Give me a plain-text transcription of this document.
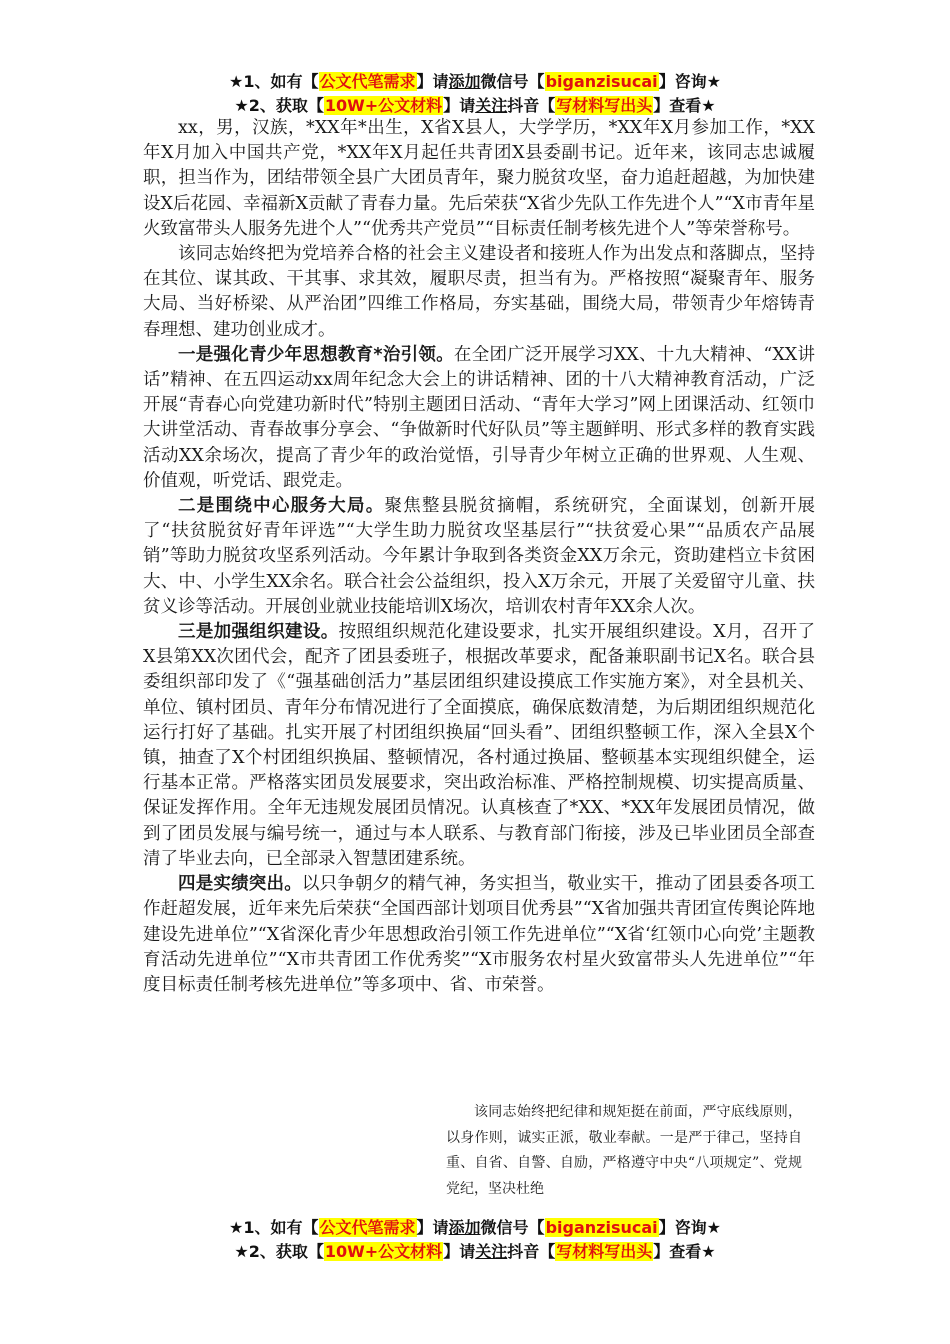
★1、如有【公文代笔需求】请添加微信号【biganzisucai】咨询★
★2、获取【10W+公文材料】请关注抖音【写材料写出头】查看★

xx，男，汉族，*XX年*出生，X省X县人，大学学历，*XX年X月参加工作，*XX年X月加入中国共产党，*XX年X月起任共青团X县委副书记。近年来，该同志忠诚履职，担当作为，团结带领全县广大团员青年，聚力脱贫攻坚，奋力追赶超越，为加快建设X后花园、幸福新X贡献了青春力量。先后荣获“X省少先队工作先进个人”“X市青年星火致富带头人服务先进个人”“优秀共产党员”“目标责任制考核先进个人”等荣誉称号。

该同志始终把为党培养合格的社会主义建设者和接班人作为出发点和落脚点，坚持在其位、谋其政、干其事、求其效，履职尽责，担当有为。严格按照“凝聚青年、服务大局、当好桥梁、从严治团”四维工作格局，夯实基础，围绕大局，带领青少年熔铸青春理想、建功创业成才。

一是强化青少年思想教育*治引领。在全团广泛开展学习XX、十九大精神、“XX讲话”精神、在五四运动xx周年纪念大会上的讲话精神、团的十八大精神教育活动，广泛开展“青春心向党建功新时代”特别主题团日活动、“青年大学习”网上团课活动、红领巾大讲堂活动、青春故事分享会、“争做新时代好队员”等主题鲜明、形式多样的教育实践活动XX余场次，提高了青少年的政治觉悟，引导青少年树立正确的世界观、人生观、价值观，听党话、跟党走。

二是围绕中心服务大局。聚焦整县脱贫摘帽，系统研究，全面谋划，创新开展了“扶贫脱贫好青年评选”“大学生助力脱贫攻坚基层行”“扶贫爱心果”“品质农产品展销”等助力脱贫攻坚系列活动。今年累计争取到各类资金XX万余元，资助建档立卡贫困大、中、小学生XX余名。联合社会公益组织，投入X万余元，开展了关爱留守儿童、扶贫义诊等活动。开展创业就业技能培训X场次，培训农村青年XX余人次。

三是加强组织建设。按照组织规范化建设要求，扎实开展组织建设。X月，召开了X县第XX次团代会，配齐了团县委班子，根据改革要求，配备兼职副书记X名。联合县委组织部印发了《“强基础创活力”基层团组织建设摸底工作实施方案》，对全县机关、单位、镇村团员、青年分布情况进行了全面摸底，确保底数清楚，为后期团组织规范化运行打好了基础。扎实开展了村团组织换届“回头看”、团组织整顿工作，深入全县X个镇，抽查了X个村团组织换届、整顿情况，各村通过换届、整顿基本实现组织健全，运行基本正常。严格落实团员发展要求，突出政治标准、严格控制规模、切实提高质量、保证发挥作用。全年无违规发展团员情况。认真核查了*XX、*XX年发展团员情况，做到了团员发展与编号统一，通过与本人联系、与教育部门衔接，涉及已毕业团员全部查清了毕业去向，已全部录入智慧团建系统。

四是实绩突出。以只争朝夕的精气神，务实担当，敬业实干，推动了团县委各项工作赶超发展，近年来先后荣获“全国西部计划项目优秀县”“X省加强共青团宣传舆论阵地建设先进单位”“X省深化青少年思想政治引领工作先进单位”“X省‘红领巾心向党’主题教育活动先进单位”“X市共青团工作优秀奖”“X市服务农村星火致富带头人先进单位”“年度目标责任制考核先进单位”等多项中、省、市荣誉。

该同志始终把纪律和规矩挺在前面，严守底线原则，以身作则，诚实正派，敬业奉献。一是严于律己，坚持自重、自省、自警、自励，严格遵守中央“八项规定”、党规党纪，坚决杜绝

★1、如有【公文代笔需求】请添加微信号【biganzisucai】咨询★
★2、获取【10W+公文材料】请关注抖音【写材料写出头】查看★
